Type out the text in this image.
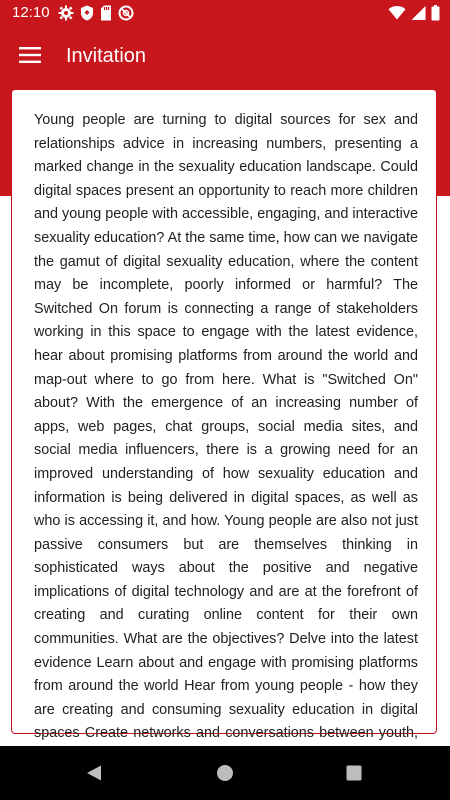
12:10
Invitation

Young people are turning to digital sources for sex and relationships advice in increasing numbers, presenting a marked change in the sexuality education landscape. Could digital spaces present an opportunity to reach more children and young people with accessible, engaging, and interactive sexuality education? At the same time, how can we navigate the gamut of digital sexuality education, where the content may be incomplete, poorly informed or harmful? The Switched On forum is connecting a range of stakeholders working in this space to engage with the latest evidence, hear about promising platforms from around the world and map-out where to go from here. What is "Switched On" about? With the emergence of an increasing number of apps, web pages, chat groups, social media sites, and social media influencers, there is a growing need for an improved understanding of how sexuality education and information is being delivered in digital spaces, as well as who is accessing it, and how. Young people are also not just passive consumers but are themselves thinking in sophisticated ways about the positive and negative implications of digital technology and are at the forefront of creating and curating online content for their own communities. What are the objectives? Delve into the latest evidence Learn about and engage with promising platforms from around the world Hear from young people - how they are creating and consuming sexuality education in digital spaces Create networks and conversations between youth,
